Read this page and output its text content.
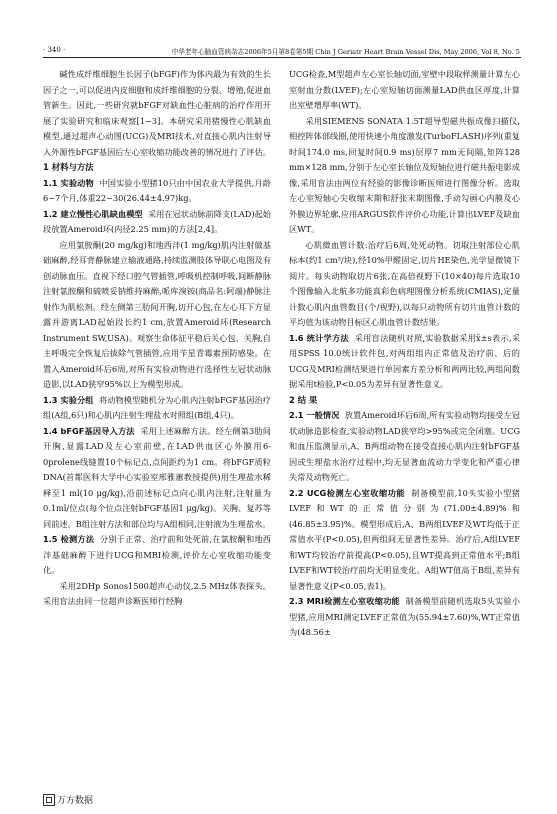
· 340 ·	中华老年心脑血管病杂志2006年5月第8卷第5期 Chin J Geriatr Heart Brain Vessel Dis, May 2006, Vol 8, No. 5

碱性成纤维细胞生长因子(bFGF)作为体内最为有效的生长因子之一,可以促进内皮细胞和成纤维细胞的分裂、增殖,促进血管新生。因此,一些研究就bFGF对缺血性心脏病的治疗作用开展了实验研究和临床观察[1~3]。本研究采用猪慢性心肌缺血模型,通过超声心动图(UCG)及MRI技术,对直接心肌内注射导入外源性bFGF基因后左心室收缩功能改善的情况进行了评估。

1 材料与方法

1.1 实验动物 中国实验小型猪10只由中国农业大学提供,月龄6~7个月,体重22~30(26.44±4.97)kg。

1.2 建立慢性心肌缺血模型 采用在冠状动脉前降支(LAD)起始段放置Ameroid环(内径2.25 mm)的方法[2,4]。

应用氯胺酮(20 mg/kg)和地西泮(1 mg/kg)肌内注射做基础麻醉,经耳背静脉建立输液通路,持续监测肢体导联心电图及有创动脉血压。直视下经口腔气管插管,呼吸机控制呼吸,间断静脉注射氯胺酮和硫喷妥钠维持麻醉,哌库溴铵(商品名:阿端)静脉注射作为肌松剂。经左侧第三肋间开胸,切开心包,在左心耳下方显露并游离LAD起始段长约1 cm,放置Ameroid环(Research Instrument SW,USA)。观察生命体征平稳后关心包、关胸,自主呼吸完全恢复后拔除气管插管,应用苄星青霉素预防感染。在置入Ameroid环后6周,对所有实验动物进行选择性左冠状动脉造影,以LAD狭窄95%以上为模型形成。

1.3 实验分组 将动物模型随机分为心肌内注射bFGF基因治疗组(A组,6只)和心肌内注射生理盐水对照组(B组,4只)。

1.4 bFGF基因导入方法 采用上述麻醉方法。经左侧第3肋间开胸,显露LAD及左心室前壁,在LAD供血区心外膜用6-0prolene线缝置10个标记点,点间距约为1 cm。将bFGF质粒DNA(首都医科大学中心实验室邢雅蕙教授提供)用生理盐水稀释至1 ml(10 μg/kg),沿前述标记点向心肌内注射,注射量为0.1ml/位点(每个位点注射bFGF基因1 μg/kg)。关胸、复苏等同前述。B组注射方法和部位均与A组相同,注射液为生理盐水。

1.5 检测方法 分别于正常、治疗前和处死前,在氯胺酮和地西泮基础麻醉下进行UCG和MRI检测,评价左心室收缩功能变化。

采用2DHp Sonos1500超声心动仪,2.5 MHz体表探头。采用盲法由同一位超声诊断医师行经胸

UCG检查,M型超声左心室长轴切面,室壁中段取样测量计算左心室射血分数(LVEF);左心室短轴切面测量LAD供血区厚度,计算出室壁增厚率(WT)。

采用SIEMENS SONATA 1.5T超导型磁共振成像扫描仪,相控阵体部线圈,使用快速小角度激发(TurboFLASH)序列(重复时间174.0 ms,回复时间0.9 ms)层厚7 mm无间隔,矩阵128 mm×128 mm,分别于左心室长轴位及短轴位进行磁共振电影成像,采用盲法由两位有经验的影像诊断医师进行图像分析。选取左心室短轴心尖收缩末期和舒张末期图像,手动勾画心内膜及心外膜边界轮廓,应用ARGUS软件评价心功能,计算出LVEF及缺血区WT。

心肌微血管计数:治疗后6周,处死动物。切取注射部位心肌标本(约1 cm³/块),经10%甲醛固定,切片HE染色,光学显微镜下阅片。每头动物取切片6张,在高倍视野下(10×40)每片选取10个图像输入北航多功能真彩色病理图像分析系统(CMIAS),定量计数心肌内血管数目(个/视野),以每只动物所有切片血管计数的平均值为该动物目标区心肌血管计数结果。

1.6 统计学方法 采用盲法随机对照,实验数据采用x̄±s表示,采用SPSS 10.0统计软件包,对两组组内正常值及治疗前、后的UCG及MRI检测结果进行单因素方差分析和两两比较,两组间数据采用t检验,P<0.05为差异有显著性意义。

2 结 果

2.1 一般情况 放置Ameroid环后6周,所有实验动物均接受左冠状动脉造影检查,实验动物LAD狭窄均>95%或完全闭塞。UCG和血压监测显示,A、B两组动物在接受直接心肌内注射bFGF基因或生理盐水治疗过程中,均无显著血流动力学变化和严重心律失常及动物死亡。

2.2 UCG检测左心室收缩功能 制备模型前,10头实验小型猪LVEF和WT的正常值分别为(71.00±4.89)%和(46.85±3.95)%。模型形成后,A、B两组LVEF及WT均低于正常值水平(P<0.05),但两组间无显著性差异。治疗后,A组LVEF和WT均较治疗前提高(P<0.05),且WT提高到正常值水平;B组LVEF和WT较治疗前均无明显变化。A组WT值高于B组,差异有显著性意义(P<0.05,表1)。

2.3 MRI检测左心室收缩功能 制备模型前随机选取5头实验小型猪,应用MRI测定LVEF正常值为(55.94±7.60)%,WT正常值为(48.56±

万方数据
